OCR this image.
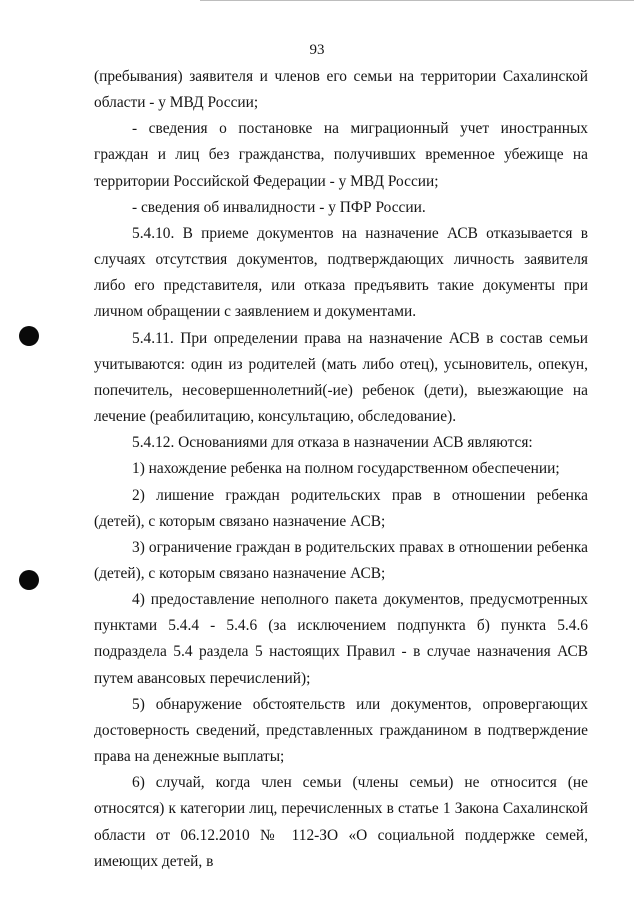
93

(пребывания) заявителя и членов его семьи на территории Сахалинской области - у МВД России;

- сведения о постановке на миграционный учет иностранных граждан и лиц без гражданства, получивших временное убежище на территории Российской Федерации - у МВД России;

- сведения об инвалидности - у ПФР России.

5.4.10. В приеме документов на назначение АСВ отказывается в случаях отсутствия документов, подтверждающих личность заявителя либо его представителя, или отказа предъявить такие документы при личном обращении с заявлением и документами.

5.4.11. При определении права на назначение АСВ в состав семьи учитываются: один из родителей (мать либо отец), усыновитель, опекун, попечитель, несовершеннолетний(-ие) ребенок (дети), выезжающие на лечение (реабилитацию, консультацию, обследование).

5.4.12. Основаниями для отказа в назначении АСВ являются:

1) нахождение ребенка на полном государственном обеспечении;

2) лишение граждан родительских прав в отношении ребенка (детей), с которым связано назначение АСВ;

3) ограничение граждан в родительских правах в отношении ребенка (детей), с которым связано назначение АСВ;

4) предоставление неполного пакета документов, предусмотренных пунктами 5.4.4 - 5.4.6 (за исключением подпункта б) пункта 5.4.6 подраздела 5.4 раздела 5 настоящих Правил - в случае назначения АСВ путем авансовых перечислений);

5) обнаружение обстоятельств или документов, опровергающих достоверность сведений, представленных гражданином в подтверждение права на денежные выплаты;

6) случай, когда член семьи (члены семьи) не относится (не относятся) к категории лиц, перечисленных в статье 1 Закона Сахалинской области от 06.12.2010 № 112-ЗО «О социальной поддержке семей, имеющих детей, в
